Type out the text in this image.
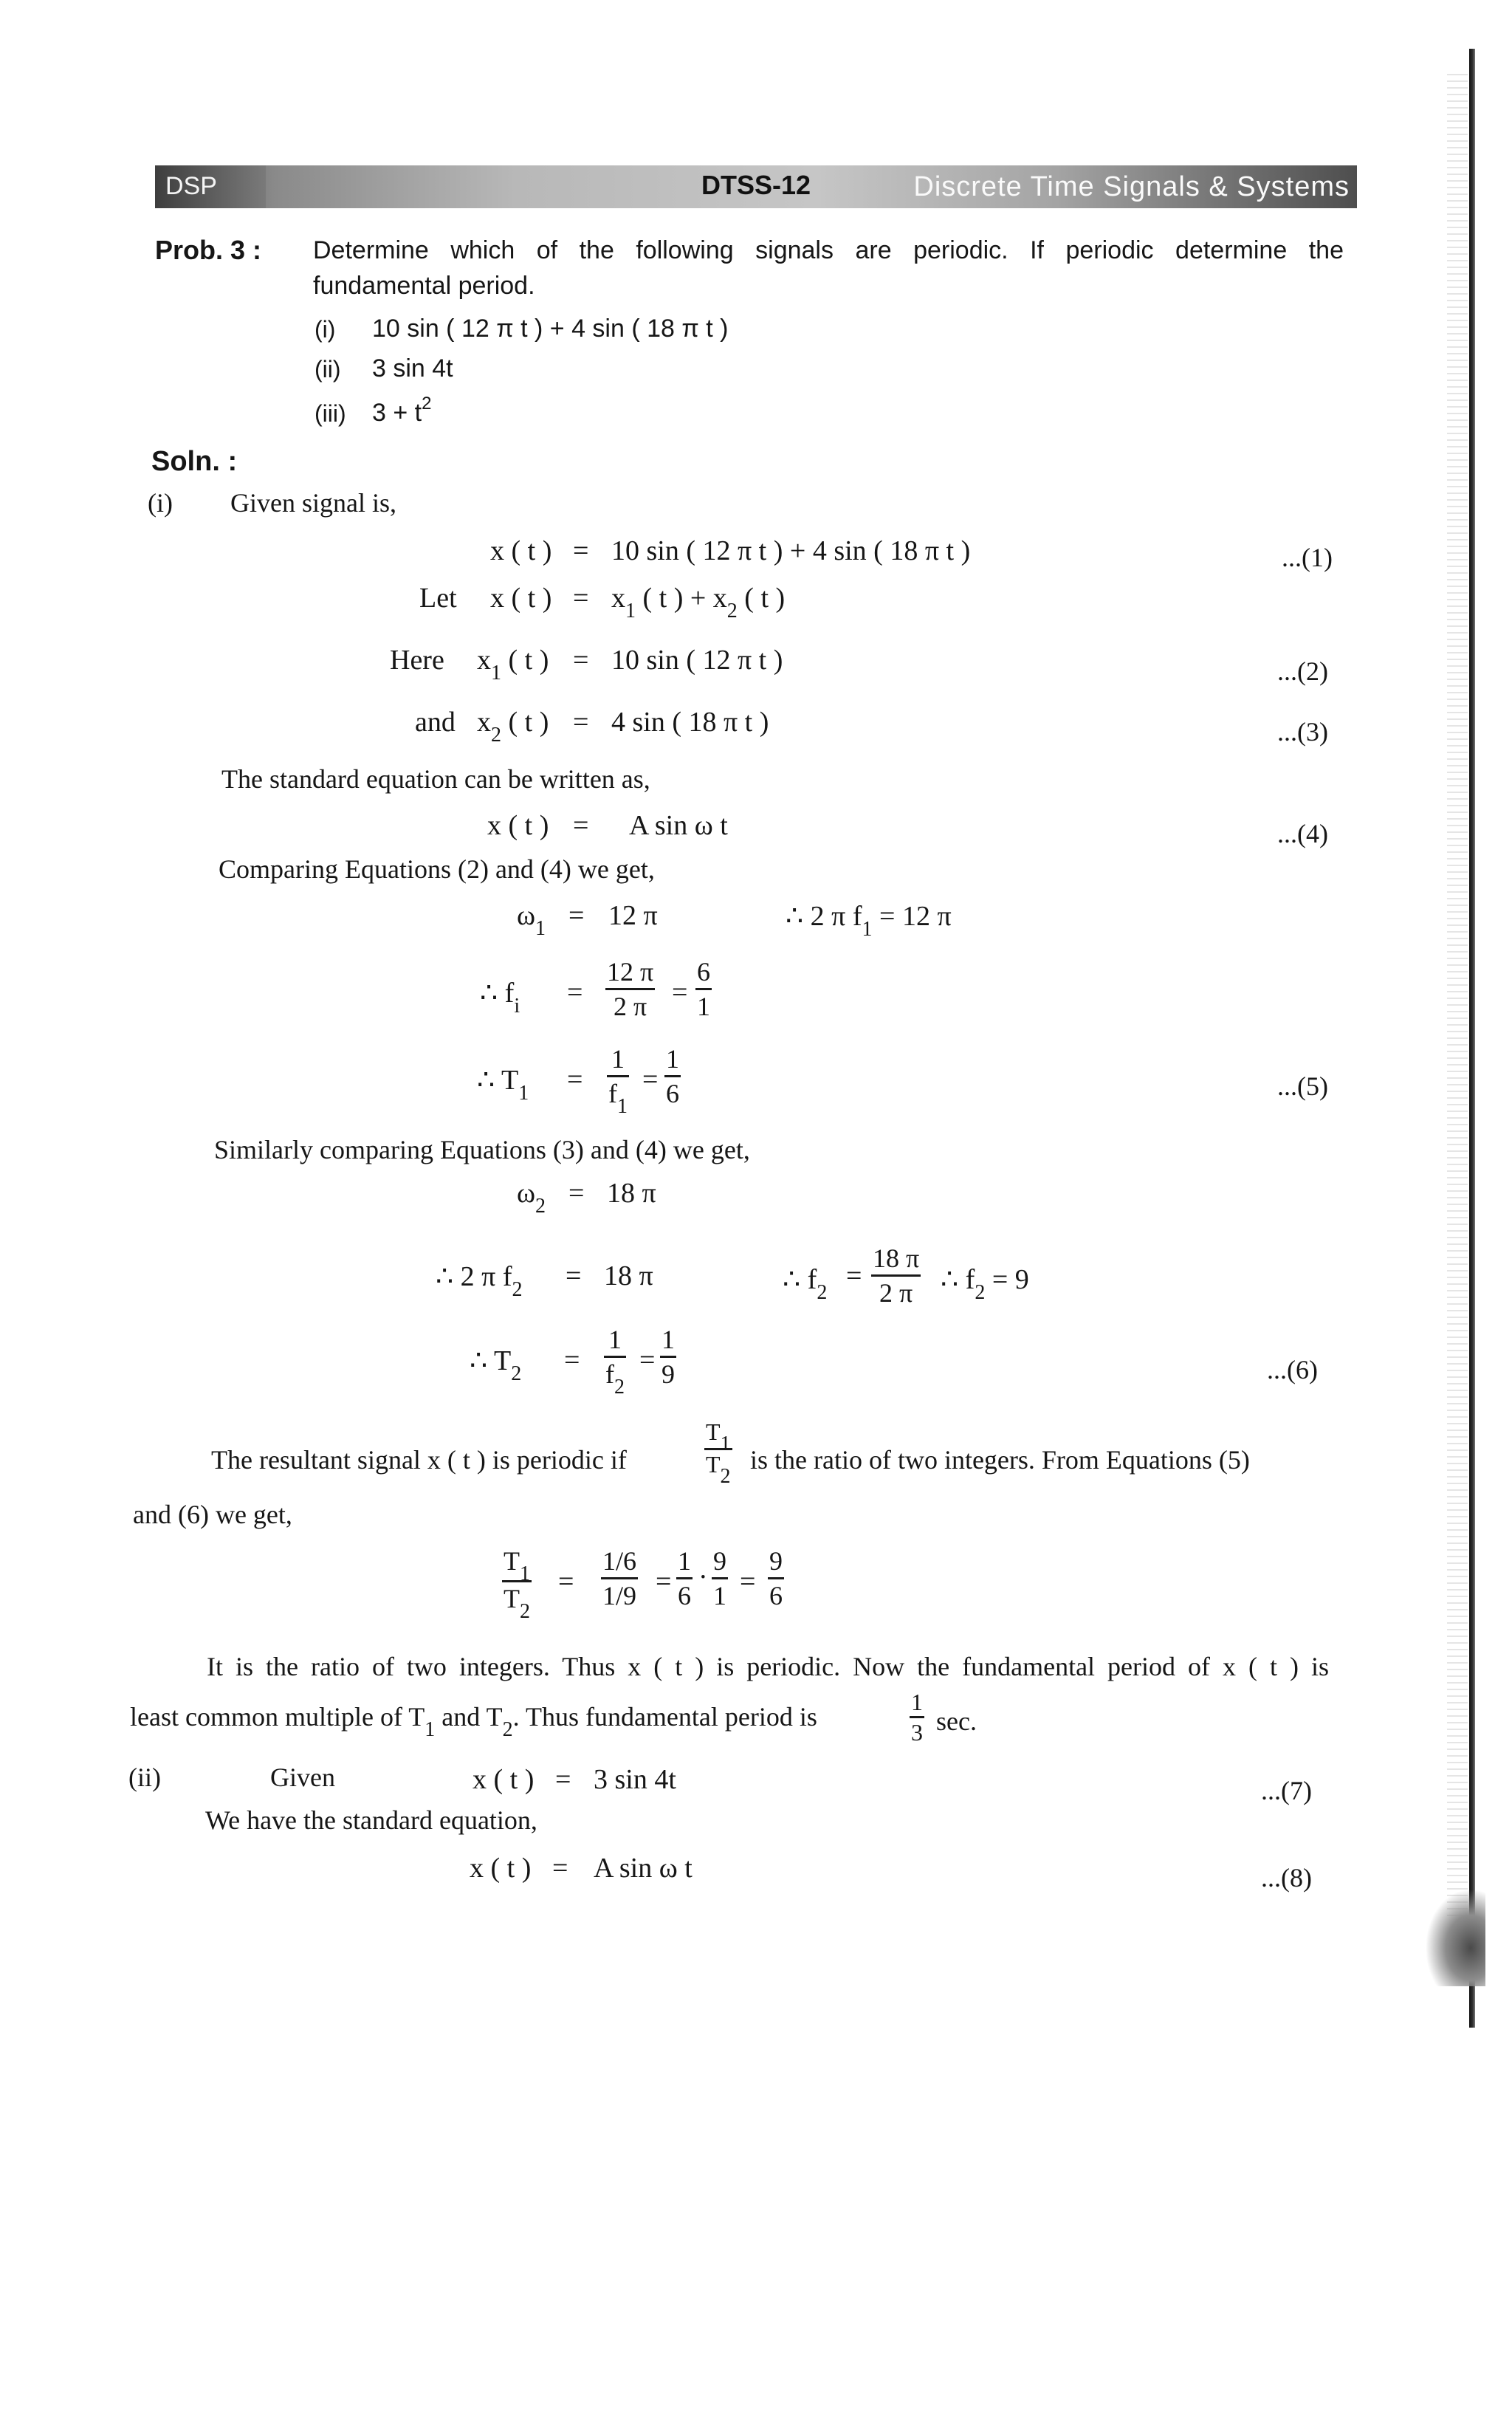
DSP	DTSS-12	Discrete Time Signals & Systems
Prob. 3 : Determine which of the following signals are periodic. If periodic determine the
fundamental period.
(i) 10 sin ( 12 π t ) + 4 sin ( 18 π t )
(ii) 3 sin 4t
(iii) $3 + t^2$
Soln. :
(i) Given signal is,
x ( t ) = 10 sin ( 12 π t ) + 4 sin ( 18 π t )	...(1)
Let x ( t ) = $x_1$ ( t ) + $x_2$ ( t )
Here $x_1$ ( t ) = 10 sin ( 12 π t )	...(2)
and $x_2$ ( t ) = 4 sin ( 18 π t )	...(3)
The standard equation can be written as,
x ( t ) = A sin ω t	...(4)
Comparing Equations (2) and (4) we get,
$\omega_1 = 12$ π	∴ 2 π $f_1 = 12$ π
∴ $f_i$ =
12 π
2 π =
6
1
∴ $T_1$ =
1
$f_1$
=
1
6	...(5)
Similarly comparing Equations (3) and (4) we get,
$\omega_2 = 18$ π
∴ 2 π $f_2 = 18$ π	∴ $f_2$
=
18 π
2 π ∴ $f_2 = 9$
∴ $T_2$ =
1
$f_2$
=
1
9	...(6)
The resultant signal x ( t ) is periodic if
T1
T2
is the ratio of two integers. From Equations (5)
and (6) we get,
$T_1$
$T_2$
=
1/6
1/9 =
1
6
·
9
1 =
9
6
It is the ratio of two integers. Thus x ( t ) is periodic. Now the fundamental period of x ( t ) is
least common multiple of $T_1$ and $T_2$. Thus fundamental period is	1
3 sec.
(ii)	Given	x ( t ) = 3 sin 4t	...(7)
We have the standard equation,
x ( t ) = A sin ω t	...(8)
